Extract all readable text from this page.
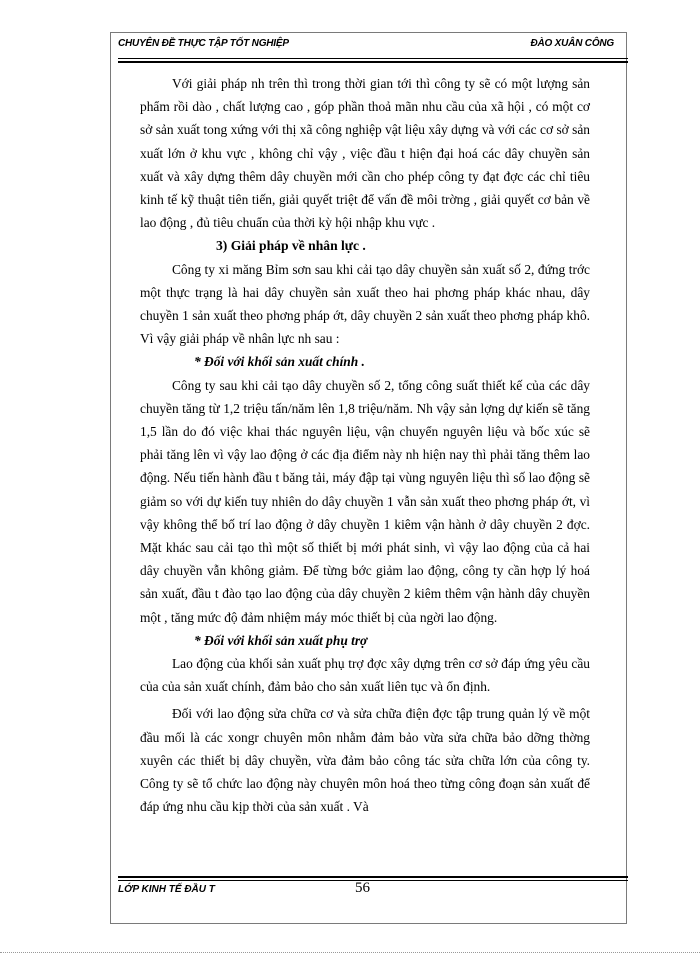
CHUYÊN ĐỀ THỰC TẬP TỐT NGHIỆP	ĐÀO XUÂN CÔNG

Với giải pháp nh trên thì trong thời gian tới thì công ty sẽ có một lượng sản phẩm rồi dào , chất lượng cao , góp phần thoả mãn nhu cầu của xã hội , có một cơ sở sản xuất tong xứng với thị xã công nghiệp vật liệu xây dựng và với các cơ sở sản xuất lớn ở khu vực , không chỉ vậy , việc đầu t hiện đại hoá các dây chuyền sản xuất và xây dựng thêm dây chuyền mới cần cho phép công ty đạt đợc các chỉ tiêu kinh tế kỹ thuật tiên tiến, giải quyết triệt để vấn đề môi trờng , giải quyết cơ bản về lao động , đủ tiêu chuẩn của thời kỳ hội nhập khu vực .

3) Giải pháp về nhân lực .

Công ty xi măng Bỉm sơn sau khi cải tạo dây chuyền sản xuất số 2, đứng trớc một thực trạng là hai dây chuyền sản xuất theo hai phơng pháp khác nhau, dây chuyền 1 sản xuất theo phơng pháp ớt, dây chuyền 2 sản xuất theo phơng pháp khô. Vì vậy giải pháp về nhân lực nh sau :

* Đối với khối sản xuất chính .

Công ty sau khi cải tạo dây chuyền số 2, tổng công suất thiết kế của các dây chuyền tăng từ 1,2 triệu tấn/năm lên 1,8 triệu/năm. Nh vậy sản lợng dự kiến sẽ tăng 1,5 lần do đó việc khai thác nguyên liệu, vận chuyển nguyên liệu và bốc xúc sẽ phải tăng lên vì vậy lao động ở các địa điểm này nh hiện nay thì phải tăng thêm lao động. Nếu tiến hành đầu t băng tải, máy đập tại vùng nguyên liệu thì số lao động sẽ giảm so với dự kiến tuy nhiên do dây chuyền 1 vẫn sản xuất theo phơng pháp ớt, vì vậy không thể bố trí lao động ở dây chuyền 1 kiêm vận hành ở dây chuyền 2 đợc. Mặt khác sau cải tạo thì một số thiết bị mới phát sinh, vì vậy lao động của cả hai dây chuyền vẫn không giảm. Để từng bớc giảm lao động, công ty cần hợp lý hoá sản xuất, đầu t đào tạo lao động của dây chuyền 2 kiêm thêm vận hành dây chuyền một , tăng mức độ đảm nhiệm máy móc thiết bị của ngời lao động.

* Đối với khối sản xuất phụ trợ

Lao động của khối sản xuất phụ trợ đợc xây dựng trên cơ sở đáp ứng yêu cầu của của sản xuất chính, đảm bảo cho sản xuất liên tục và ổn định.

Đối với lao động sửa chữa cơ và sửa chữa điện đợc tập trung quản lý về một đầu mối là các xongr chuyên môn nhằm đảm bảo vừa sửa chữa bảo dỡng thờng xuyên các thiết bị dây chuyền, vừa đảm bảo công tác sửa chữa lớn của công ty. Công ty sẽ tổ chức lao động này chuyên môn hoá theo từng công đoạn sản xuất để đáp ứng nhu cầu kịp thời của sản xuất . Và

LỚP KINH TẾ ĐẦU T	56
